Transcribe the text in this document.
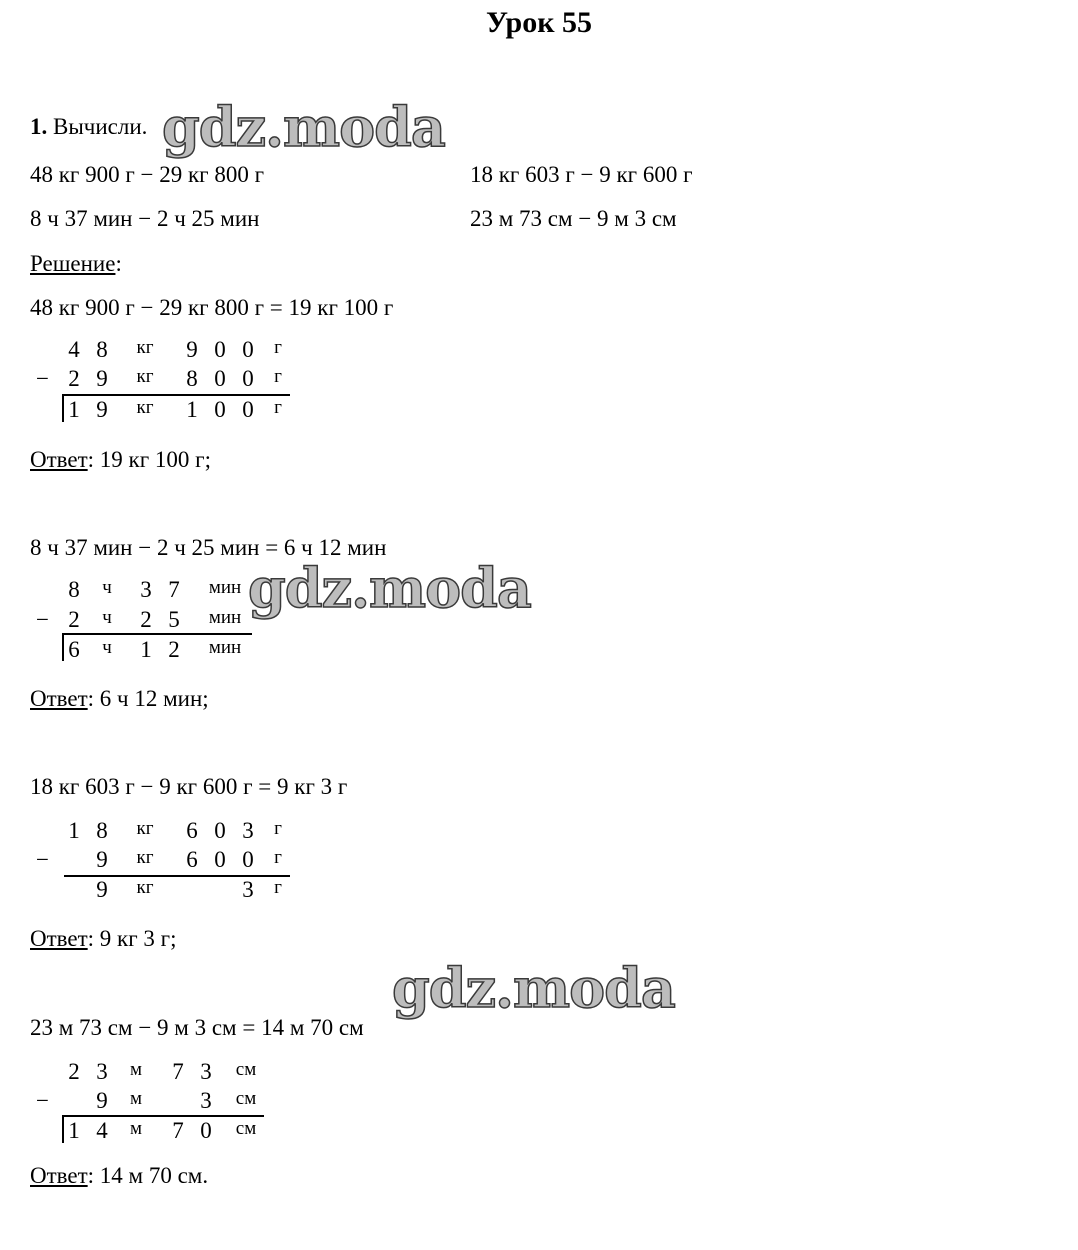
Урок 55
1. Вычисли.
48 кг 900 г − 29 кг 800 г	18 кг 603 г − 9 кг 600 г
8 ч 37 мин − 2 ч 25 мин	23 м 73 см − 9 м 3 см
Решение:
48 кг 900 г − 29 кг 800 г = 19 кг 100 г
−
4 8	кг 9 0 0 г
2 9	кг 8 0 0 г
1 9	кг 1 0 0 г
Ответ: 19 кг 100 г;
8 ч 37 мин − 2 ч 25 мин = 6 ч 12 мин
−
8 ч 3 7	мин
2 ч 2 5	мин
6 ч 1 2	мин
Ответ: 6 ч 12 мин;
18 кг 603 г − 9 кг 600 г = 9 кг 3 г
−
1 8	кг 6 0 3 г
9	кг 6 0 0 г
9	кг	3 г
Ответ: 9 кг 3 г;
23 м 73 см − 9 м 3 см = 14 м 70 см
−
2 3	м 7 3	см
9	м	3	см
1 4	м 7 0	см
Ответ: 14 м 70 см.
gdz.moda
gdz.moda
gdz.moda
